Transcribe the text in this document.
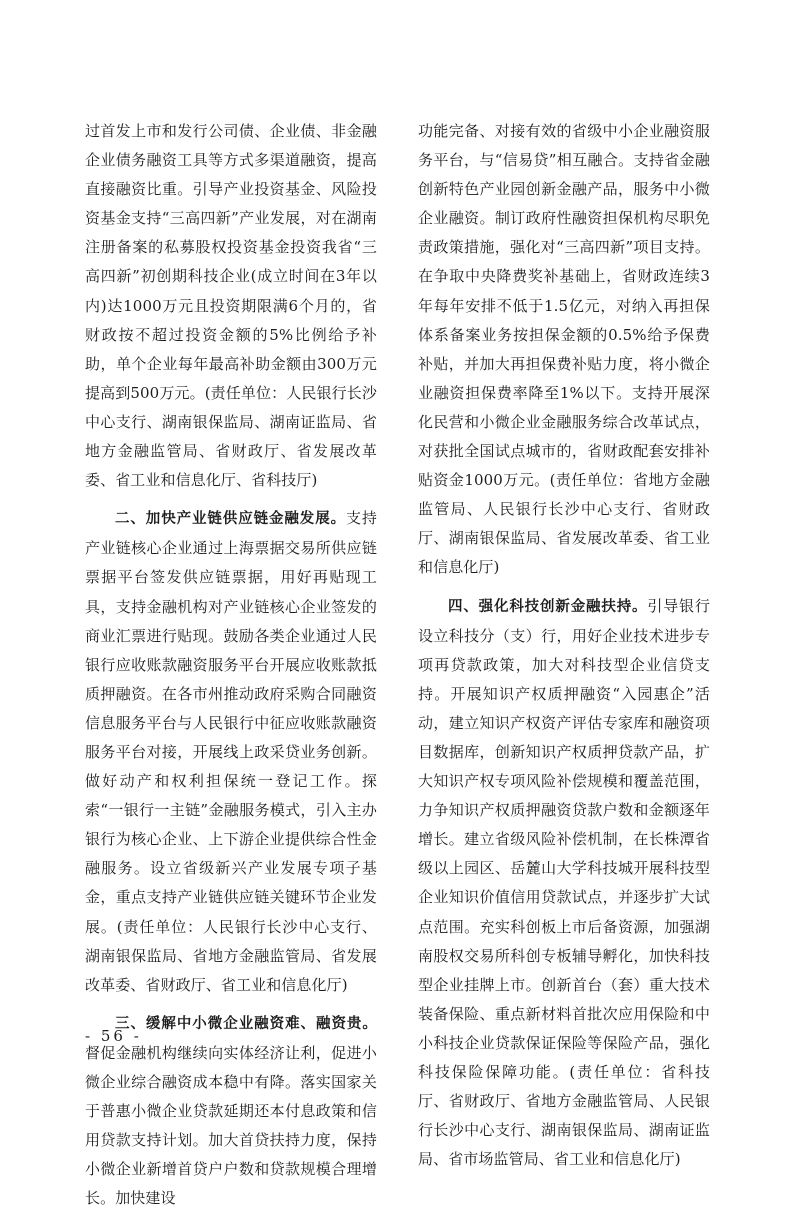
过首发上市和发行公司债、企业债、非金融企业债务融资工具等方式多渠道融资，提高直接融资比重。引导产业投资基金、风险投资基金支持“三高四新”产业发展，对在湖南注册备案的私募股权投资基金投资我省“三高四新”初创期科技企业(成立时间在3年以内)达1000万元且投资期限满6个月的，省财政按不超过投资金额的5%比例给予补助，单个企业每年最高补助金额由300万元提高到500万元。(责任单位：人民银行长沙中心支行、湖南银保监局、湖南证监局、省地方金融监管局、省财政厅、省发展改革委、省工业和信息化厅、省科技厅)

二、加快产业链供应链金融发展。支持产业链核心企业通过上海票据交易所供应链票据平台签发供应链票据，用好再贴现工具，支持金融机构对产业链核心企业签发的商业汇票进行贴现。鼓励各类企业通过人民银行应收账款融资服务平台开展应收账款抵质押融资。在各市州推动政府采购合同融资信息服务平台与人民银行中征应收账款融资服务平台对接，开展线上政采贷业务创新。做好动产和权利担保统一登记工作。探索“一银行一主链”金融服务模式，引入主办银行为核心企业、上下游企业提供综合性金融服务。设立省级新兴产业发展专项子基金，重点支持产业链供应链关键环节企业发展。(责任单位：人民银行长沙中心支行、湖南银保监局、省地方金融监管局、省发展改革委、省财政厅、省工业和信息化厅)

三、缓解中小微企业融资难、融资贵。督促金融机构继续向实体经济让利，促进小微企业综合融资成本稳中有降。落实国家关于普惠小微企业贷款延期还本付息政策和信用贷款支持计划。加大首贷扶持力度，保持小微企业新增首贷户户数和贷款规模合理增长。加快建设

功能完备、对接有效的省级中小企业融资服务平台，与“信易贷”相互融合。支持省金融创新特色产业园创新金融产品，服务中小微企业融资。制订政府性融资担保机构尽职免责政策措施，强化对“三高四新”项目支持。在争取中央降费奖补基础上，省财政连续3年每年安排不低于1.5亿元，对纳入再担保体系备案业务按担保金额的0.5%给予保费补贴，并加大再担保费补贴力度，将小微企业融资担保费率降至1%以下。支持开展深化民营和小微企业金融服务综合改革试点，对获批全国试点城市的，省财政配套安排补贴资金1000万元。(责任单位：省地方金融监管局、人民银行长沙中心支行、省财政厅、湖南银保监局、省发展改革委、省工业和信息化厅)

四、强化科技创新金融扶持。引导银行设立科技分（支）行，用好企业技术进步专项再贷款政策，加大对科技型企业信贷支持。开展知识产权质押融资“入园惠企”活动，建立知识产权资产评估专家库和融资项目数据库，创新知识产权质押贷款产品，扩大知识产权专项风险补偿规模和覆盖范围，力争知识产权质押融资贷款户数和金额逐年增长。建立省级风险补偿机制，在长株潭省级以上园区、岳麓山大学科技城开展科技型企业知识价值信用贷款试点，并逐步扩大试点范围。充实科创板上市后备资源，加强湖南股权交易所科创专板辅导孵化，加快科技型企业挂牌上市。创新首台（套）重大技术装备保险、重点新材料首批次应用保险和中小科技企业贷款保证保险等保险产品，强化科技保险保障功能。(责任单位：省科技厅、省财政厅、省地方金融监管局、人民银行长沙中心支行、湖南银保监局、湖南证监局、省市场监管局、省工业和信息化厅)

- 56 -
